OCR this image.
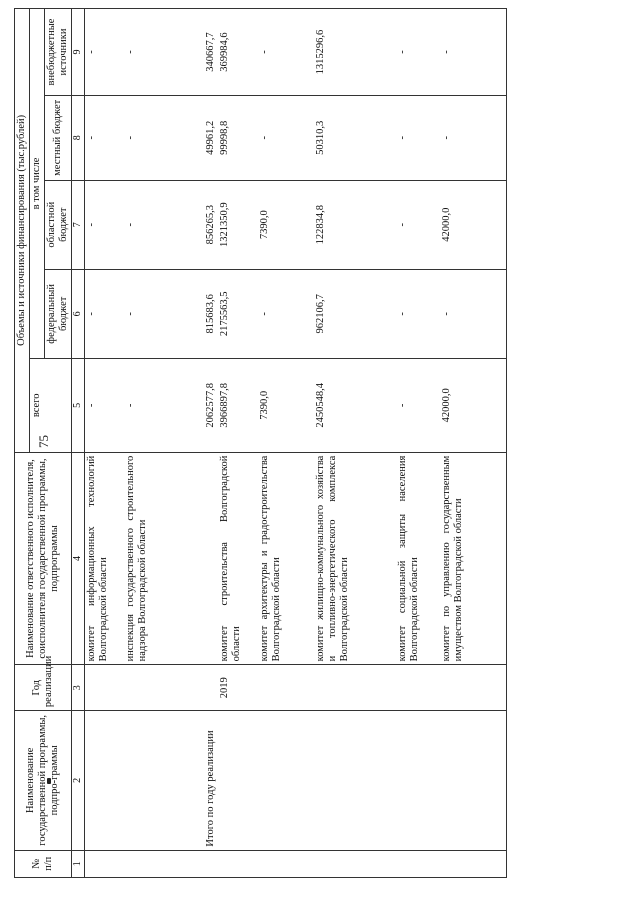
75
№ п/п	Наименование государственной программы, подпро-граммы	Год реализации	Наименование ответственного исполнителя, соисполнителя государственной программы, подпрограммы	Объемы и источники финансирования (тыс.рублей)				
				всего	в том числе			
					федеральный бюджет	областной бюджет	местный бюджет	внебюджетные источники
1	2	3	4	5	6	7	8	9
			комитет информационных технологий Волгоградской области	-	-	-	-	-
			инспекция государственного строительного надзора Волгоградской области	-	-	-	-	-
	Итого по году реализации			2062577,8	815683,6	856265,3	49961,2	340667,7
		2019	комитет строительства Волгоградской области	3966897,8	2175563,5	1321350,9	99998,8	369984,6
			комитет архитектуры и градостроительства Волгоградской области	7390,0	-	7390,0	-	-
			комитет жилищно-коммунального хозяйства и топливно-энергетического комплекса Волгоградской области	2450548,4	962106,7	122834,8	50310,3	1315296,6
			комитет социальной защиты населения Волгоградской области	-	-	-	-	-
			комитет по управлению государственным имуществом Волгоградской области	42000,0	-	42000,0	-	-
